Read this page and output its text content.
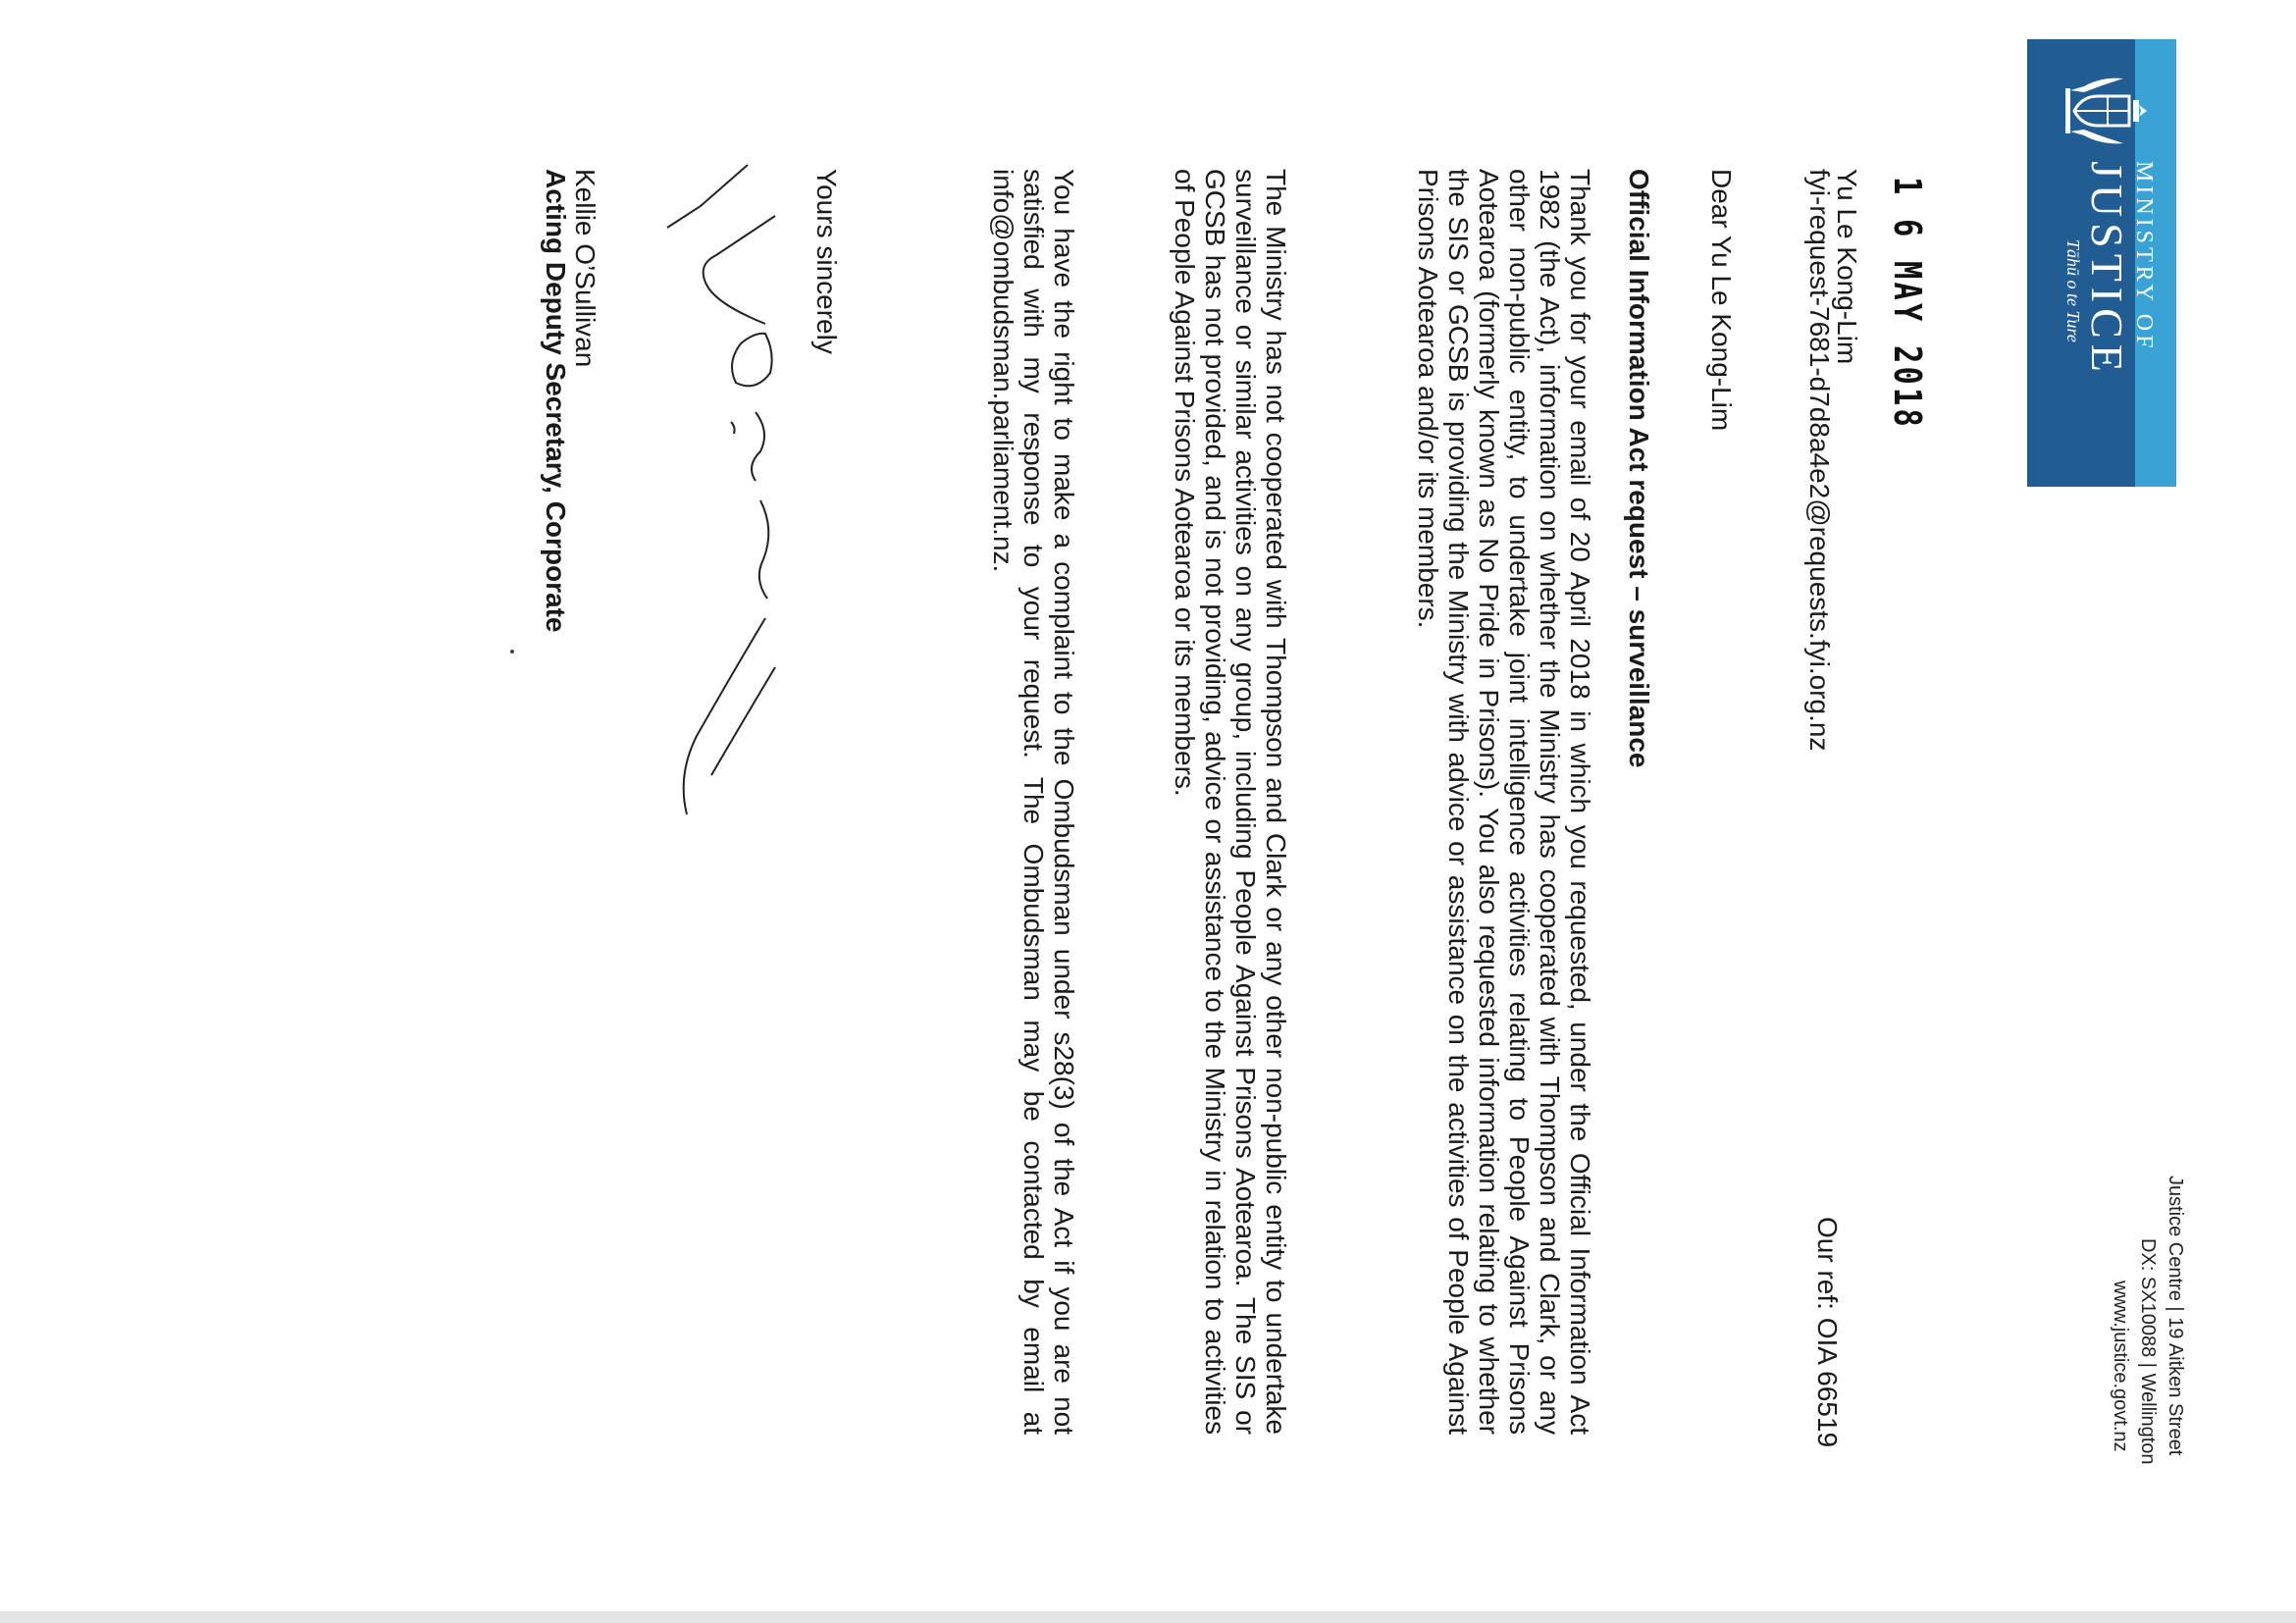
MINISTRY OF
JUSTICE
Tāhū o te Ture
Justice Centre | 19 Aitken Street
DX: SX10088 | Wellington
www.justice.govt.nz
Our ref: OIA 66519
1 6 MAY 2018
Yu Le Kong-Lim
fyi-request-7681-d7d8a4e2@requests.fyi.org.nz
Dear Yu Le Kong-Lim
Official Information Act request – surveillance
Thank you for your email of 20 April 2018 in which you requested, under the Official Information Act 1982 (the Act), information on whether the Ministry has cooperated with Thompson and Clark, or any other non-public entity, to undertake joint intelligence activities relating to People Against Prisons Aotearoa (formerly known as No Pride in Prisons). You also requested information relating to whether the SIS or GCSB is providing the Ministry with advice or assistance on the activities of People Against Prisons Aotearoa and/or its members.
The Ministry has not cooperated with Thompson and Clark or any other non-public entity to undertake surveillance or similar activities on any group, including People Against Prisons Aotearoa. The SIS or GCSB has not provided, and is not providing, advice or assistance to the Ministry in relation to activities of People Against Prisons Aotearoa or its members.
You have the right to make a complaint to the Ombudsman under s28(3) of the Act if you are not satisfied with my response to your request. The Ombudsman may be contacted by email at info@ombudsman.parliament.nz.
Yours sincerely
Kellie O’Sullivan
Acting Deputy Secretary, Corporate
